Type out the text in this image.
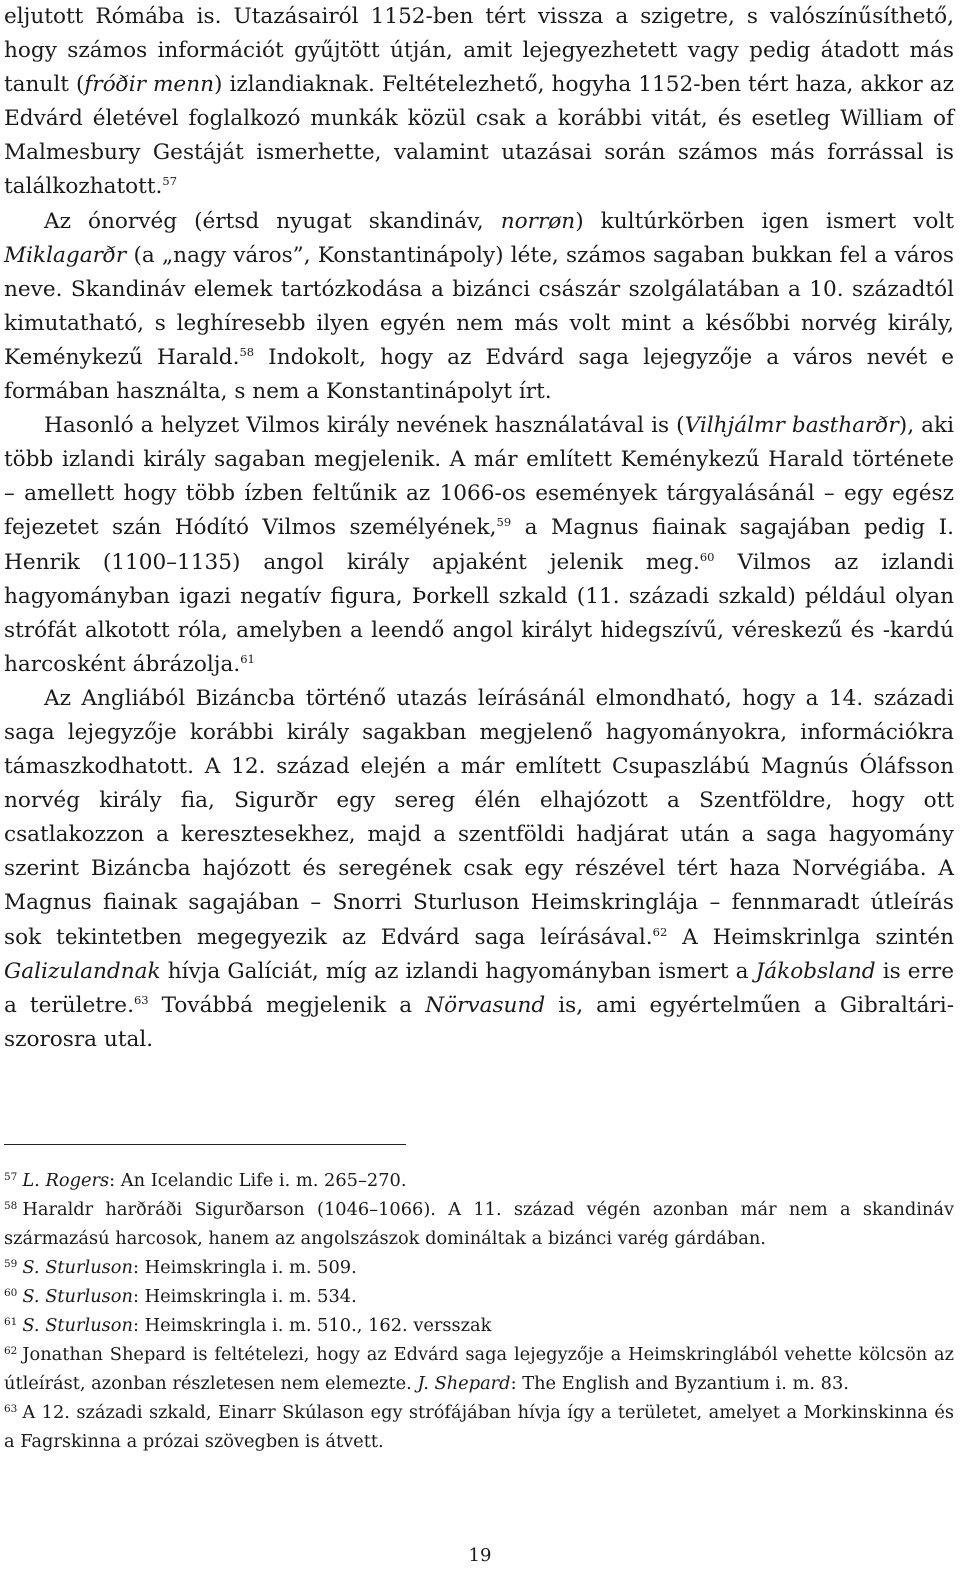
eljutott Rómába is. Utazásairól 1152-ben tért vissza a szigetre, s valószínűsíthető, hogy számos információt gyűjtött útján, amit lejegyezhetett vagy pedig átadott más tanult (fróðir menn) izlandiaknak. Feltételezhető, hogyha 1152-ben tért haza, akkor az Edvárd életével foglalkozó munkák közül csak a korábbi vitát, és esetleg William of Malmesbury Gestáját ismerhette, valamint utazásai során számos más forrással is találkozhatott.$^{57}$

Az ónorvég (értsd nyugat skandináv, norrøn) kultúrkörben igen ismert volt Miklagarðr (a „nagy város”, Konstantinápoly) léte, számos sagaban bukkan fel a város neve. Skandináv elemek tartózkodása a bizánci császár szolgálatában a 10. századtól kimutatható, s leghíresebb ilyen egyén nem más volt mint a későbbi norvég király, Keménykezű Harald.$^{58}$ Indokolt, hogy az Edvárd saga lejegyzője a város nevét e formában használta, s nem a Konstantinápolyt írt.

Hasonló a helyzet Vilmos király nevének használatával is (Vilhjálmr bastharðr), aki több izlandi király sagaban megjelenik. A már említett Keménykezű Harald története – amellett hogy több ízben feltűnik az 1066-os események tárgyalásánál – egy egész fejezetet szán Hódító Vilmos személyének,$^{59}$ a Magnus fiainak sagajában pedig I. Henrik (1100–1135) angol király apjaként jelenik meg.$^{60}$ Vilmos az izlandi hagyományban igazi negatív figura, Þorkell szkald (11. századi szkald) például olyan strófát alkotott róla, amelyben a leendő angol királyt hidegszívű, véreskezű és -kardú harcosként ábrázolja.$^{61}$

Az Angliából Bizáncba történő utazás leírásánál elmondható, hogy a 14. századi saga lejegyzője korábbi király sagakban megjelenő hagyományokra, információkra támaszkodhatott. A 12. század elején a már említett Csupaszlábú Magnús Óláfsson norvég király fia, Sigurðr egy sereg élén elhajózott a Szentföldre, hogy ott csatlakozzon a keresztesekhez, majd a szentföldi hadjárat után a saga hagyomány szerint Bizáncba hajózott és seregének csak egy részével tért haza Norvégiába. A Magnus fiainak sagajában – Snorri Sturluson Heimskringlája – fennmaradt útleírás sok tekintetben megegyezik az Edvárd saga leírásával.$^{62}$ A Heimskrinlga szintén Galizulandnak hívja Galíciát, míg az izlandi hagyományban ismert a Jákobsland is erre a területre.$^{63}$ Továbbá megjelenik a Nörvasund is, ami egyértelműen a Gibraltári-szorosra utal.

$^{57}$ L. Rogers: An Icelandic Life i. m. 265–270.

$^{58}$ Haraldr harðráði Sigurðarson (1046–1066). A 11. század végén azonban már nem a skandináv származású harcosok, hanem az angolszászok domináltak a bizánci varég gárdában.

$^{59}$ S. Sturluson: Heimskringla i. m. 509.

$^{60}$ S. Sturluson: Heimskringla i. m. 534.

$^{61}$ S. Sturluson: Heimskringla i. m. 510., 162. versszak

$^{62}$ Jonathan Shepard is feltételezi, hogy az Edvárd saga lejegyzője a Heimskringlából vehette kölcsön az útleírást, azonban részletesen nem elemezte. J. Shepard: The English and Byzantium i. m. 83.

$^{63}$ A 12. századi szkald, Einarr Skúlason egy strófájában hívja így a területet, amelyet a Morkinskinna és a Fagrskinna a prózai szövegben is átvett.

19
